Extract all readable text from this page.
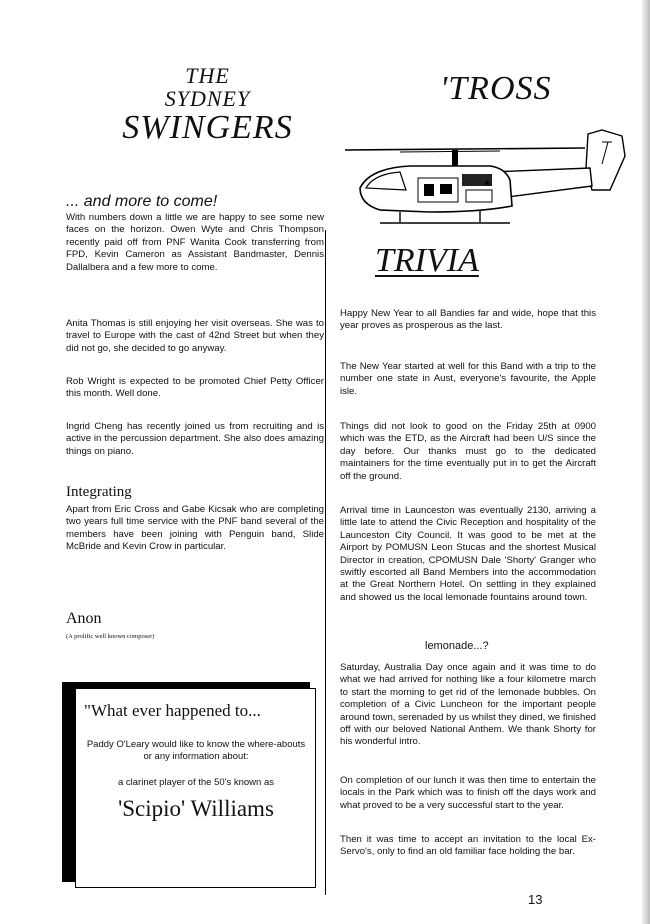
THE
SYDNEY
SWINGERS
... and more to come!

With numbers down a little we are happy to see some new faces on the horizon. Owen Wyte and Chris Thompson recently paid off from PNF Wanita Cook transferring from FPD, Kevin Cameron as Assistant Bandmaster, Dennis Dallalbera and a few more to come.

Anita Thomas is still enjoying her visit overseas. She was to travel to Europe with the cast of 42nd Street but when they did not go, she decided to go anyway.

Rob Wright is expected to be promoted Chief Petty Officer this month. Well done.

Ingrid Cheng has recently joined us from recruiting and is active in the percussion department. She also does amazing things on piano.

Integrating

Apart from Eric Cross and Gabe Kicsak who are completing two years full time service with the PNF band several of the members have been joining with Penguin band, Slide McBride and Kevin Crow in particular.

Anon
(A prolific well known composer)
"What ever happened to...
Paddy O'Leary would like to know the where-abouts or any information about:
a clarinet player of the 50's known as
'Scipio' Williams
'TROSS
TRIVIA

Happy New Year to all Bandies far and wide, hope that this year proves as prosperous as the last.

The New Year started at well for this Band with a trip to the number one state in Aust, everyone's favourite, the Apple isle.

Things did not look to good on the Friday 25th at 0900 which was the ETD, as the Aircraft had been U/S since the day before. Our thanks must go to the dedicated maintainers for the time eventually put in to get the Aircraft off the ground.

Arrival time in Launceston was eventually 2130, arriving a little late to attend the Civic Reception and hospitality of the Launceston City Council. It was good to be met at the Airport by POMUSN Leon Stucas and the shortest Musical Director in creation, CPOMUSN Dale 'Shorty' Granger who swiftly escorted all Band Members into the accommodation at the Great Northern Hotel. On settling in they explained and showed us the local lemonade fountains around town.

lemonade...?

Saturday, Australia Day once again and it was time to do what we had arrived for nothing like a four kilometre march to start the morning to get rid of the lemonade bubbles. On completion of a Civic Luncheon for the important people around town, serenaded by us whilst they dined, we finished off with our beloved National Anthem. We thank Shorty for his wonderful intro.

On completion of our lunch it was then time to entertain the locals in the Park which was to finish off the days work and what proved to be a very successful start to the year.

Then it was time to accept an invitation to the local Ex-Servo's, only to find an old familiar face holding the bar.

13
